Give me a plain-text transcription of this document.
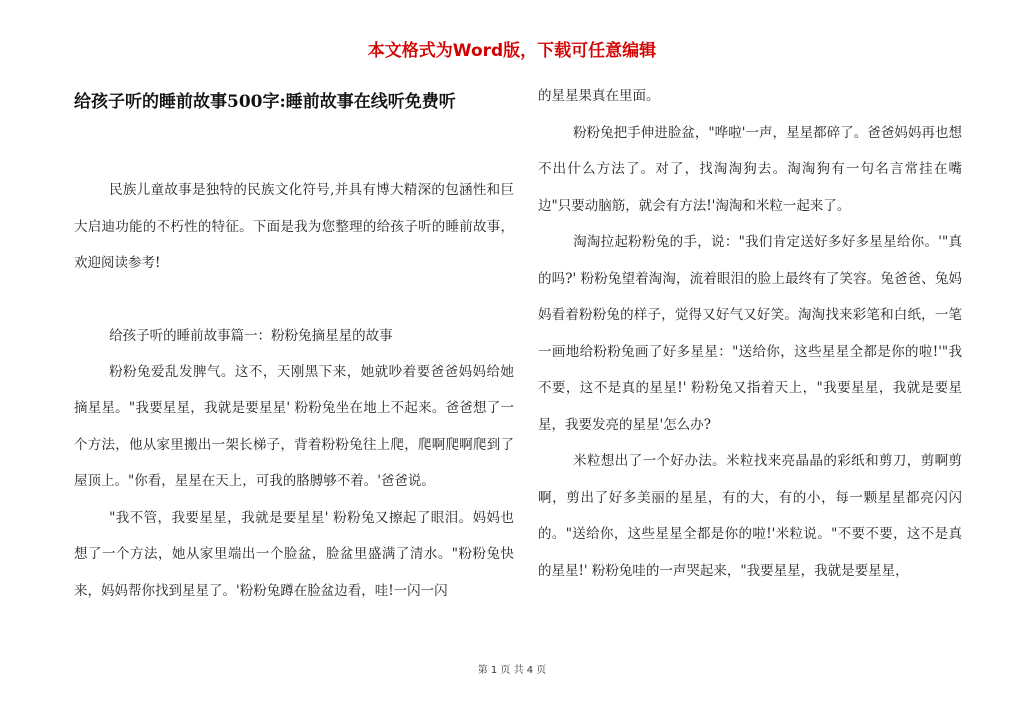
本文格式为Word版，下载可任意编辑
给孩子听的睡前故事500字:睡前故事在线听免费听

民族儿童故事是独特的民族文化符号,并具有博大精深的包涵性和巨大启迪功能的不朽性的特征。下面是我为您整理的给孩子听的睡前故事，欢迎阅读参考!

给孩子听的睡前故事篇一：粉粉兔摘星星的故事

粉粉兔爱乱发脾气。这不，天刚黑下来，她就吵着要爸爸妈妈给她摘星星。"我要星星，我就是要星星' 粉粉兔坐在地上不起来。爸爸想了一个方法，他从家里搬出一架长梯子，背着粉粉兔往上爬，爬啊爬啊爬到了屋顶上。"你看，星星在天上，可我的胳膊够不着。'爸爸说。

"我不管，我要星星，我就是要星星' 粉粉兔又擦起了眼泪。妈妈也想了一个方法，她从家里端出一个脸盆，脸盆里盛满了清水。"粉粉兔快来，妈妈帮你找到星星了。'粉粉兔蹲在脸盆边看，哇!一闪一闪

的星星果真在里面。

粉粉兔把手伸进脸盆，"哗啦'一声，星星都碎了。爸爸妈妈再也想不出什么方法了。对了，找淘淘狗去。淘淘狗有一句名言常挂在嘴边"只要动脑筋，就会有方法!'淘淘和米粒一起来了。

淘淘拉起粉粉兔的手，说："我们肯定送好多好多星星给你。'"真的吗?' 粉粉兔望着淘淘，流着眼泪的脸上最终有了笑容。兔爸爸、兔妈妈看着粉粉兔的样子，觉得又好气又好笑。淘淘找来彩笔和白纸，一笔一画地给粉粉兔画了好多星星："送给你，这些星星全都是你的啦!'"我不要，这不是真的星星!' 粉粉兔又指着天上，"我要星星，我就是要星星，我要发亮的星星'怎么办?

米粒想出了一个好办法。米粒找来亮晶晶的彩纸和剪刀，剪啊剪啊，剪出了好多美丽的星星，有的大，有的小，每一颗星星都亮闪闪的。"送给你，这些星星全都是你的啦!'米粒说。"不要不要，这不是真的星星!' 粉粉兔哇的一声哭起来，"我要星星，我就是要星星，

第 1 页 共 4 页
